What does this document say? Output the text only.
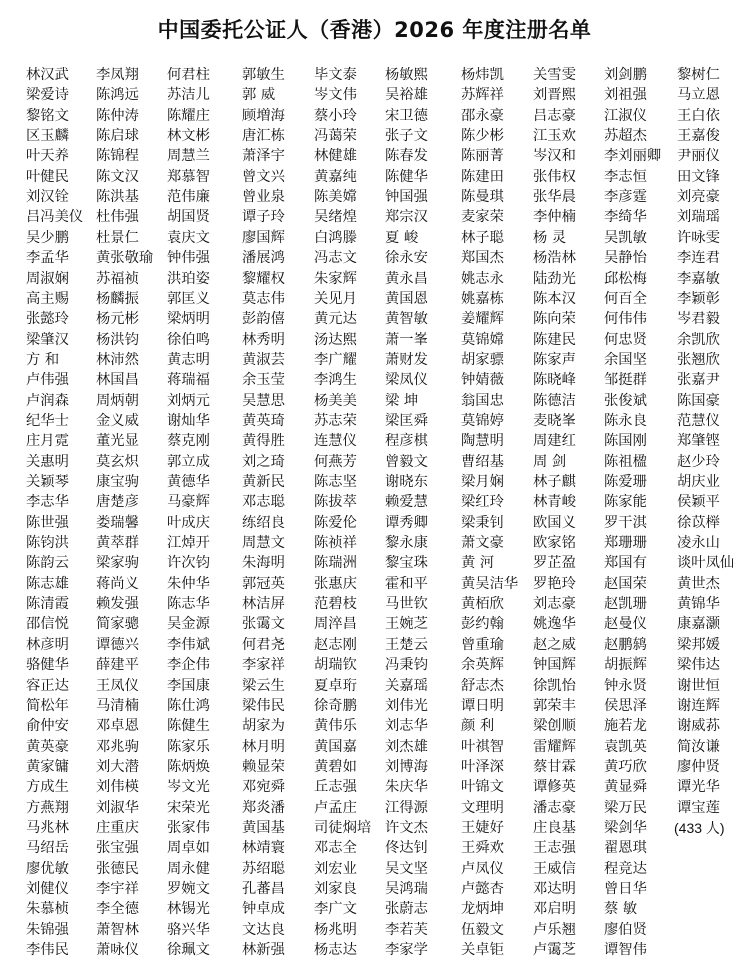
中国委托公证人（香港）2026 年度注册名单
林汉武
梁爱诗
黎铭文
区玉麟
叶天养
叶健民
刘汉铨
吕冯美仪
吴少鹏
李孟华
周淑娴
高主赐
张懿玲
梁肇汉
方 和
卢伟强
卢润森
纪华士
庄月霓
关惠明
关颖琴
李志华
陈世强
陈钧洪
陈韵云
陈志雄
陈清霞
邵信悦
林彦明
骆健华
容正达
简松年
俞仲安
黄英豪
黄家镛
方成生
方燕翔
马兆林
马绍岳
廖优敏
刘健仪
朱慕桢
朱锦强
李伟民
李凤翔
陈鸿远
陈仲涛
陈启球
陈锦程
陈文汉
陈洪基
杜伟强
杜景仁
黄张敬瑜
苏福祯
杨麟振
杨元彬
杨洪钧
林沛然
林国昌
周炳朝
金义威
董光显
莫玄炽
康宝驹
唐楚彦
娄瑞馨
黄萃群
梁家驹
蒋尚义
赖发强
简家骢
谭德兴
薛建平
王凤仪
马清楠
邓卓恩
邓兆驹
刘大潜
刘伟楧
刘淑华
庄重庆
张宝强
张德民
李宇祥
李全德
萧智林
萧咏仪
何君柱
苏洁儿
陈耀庄
林文彬
周慧兰
郑慕智
范伟廉
胡国贤
袁庆文
钟伟强
洪珀姿
郭匡义
梁炳明
徐伯鸣
黄志明
蒋瑞福
刘炳元
谢灿华
蔡克刚
郭立成
黄德华
马豪辉
叶成庆
江焯开
许次钧
朱仲华
陈志华
吴金源
李伟斌
李企伟
李国康
陈仕鸿
陈健生
陈家乐
陈炳焕
岑文光
宋荣光
张家伟
周卓如
周永健
罗婉文
林锡光
骆兴华
徐珮文
郭敏生
郭 威
顾増海
唐汇栋
萧泽宇
曾文兴
曾业泉
谭子玲
廖国辉
潘展鸿
黎耀权
莫志伟
彭韵僖
林秀明
黄淑芸
余玉莹
吴慧思
黄英琦
黄得胜
刘之琦
黄新民
邓志聪
练绍良
周慧文
朱海明
郭冠英
林洁屏
张霭文
何君尧
李家祥
梁云生
梁伟民
胡家为
林月明
赖显荣
邓宛舜
郑炎潘
黄国基
林靖寰
苏绍聪
孔蕃昌
钟卓成
文达良
林新强
毕文泰
岑文伟
蔡小玲
冯蔼荣
林健雄
黄嘉纯
陈美嫦
吴绪煌
白鸿滕
冯志文
朱家辉
关见月
黄元达
汤达熙
李广耀
李鸿生
杨美美
苏志荣
连慧仪
何燕芳
陈志坚
陈拔萃
陈爱伦
陈祯祥
陈瑞洲
张惠庆
范碧枝
周淬昌
赵志刚
胡瑞钦
夏卓珩
徐奇鹏
黄伟乐
黄国嘉
黄碧如
丘志强
卢孟庄
司徒焖培
邓志全
刘宏业
刘家良
李广文
杨兆明
杨志达
杨敏熙
吴裕雄
宋卫德
张子文
陈春发
陈健华
钟国强
郑宗汉
夏 峻
徐永安
黄永昌
黄国恩
黄智敏
萧一峯
萧财发
梁凤仪
梁 坤
梁匡舜
程彦棋
曾毅文
谢晓东
赖爱慧
谭秀卿
黎永康
黎宝珠
霍和平
马世钦
王婉芝
王楚云
冯秉钧
关嘉瑶
刘伟光
刘志华
刘杰雄
刘博海
朱庆华
江得源
许文杰
佟达钊
吴文坚
吴鸿瑞
张蔚志
李若芙
李家学
杨炜凯
苏辉祥
邵永豪
陈少彬
陈丽菁
陈建田
陈曼琪
麦家荣
林子聪
郑国杰
姚志永
姚嘉栋
姜耀辉
莫锦嫦
胡家骠
钟婧薇
翁国忠
莫锦婷
陶慧明
曹绍基
梁月娴
梁红玲
梁秉钊
萧文豪
黄 河
黄吴洁华
黄栢欣
彭约翰
曾重瑜
余英辉
舒志杰
谭日明
颜 利
叶祺智
叶泽深
叶锦文
文理明
王婕好
王舜欢
卢凤仪
卢懿杏
龙炳坤
伍毅文
关卓钜
关雪雯
刘晋熙
吕志豪
江玉欢
岑汉和
张伟权
张华晨
李仲楠
杨 灵
杨浩林
陆劲光
陈本汉
陈向荣
陈建民
陈家声
陈晓峰
陈德洁
麦晓峯
周建红
周 剑
林子麒
林青峻
欧国义
欧家铭
罗芷盈
罗艳玲
刘志豪
姚逸华
赵之威
钟国辉
徐凯怡
郭荣丰
梁创顺
雷耀辉
蔡甘霖
谭修英
潘志豪
庄良基
王志强
王威信
邓达明
邓启明
卢乐翘
卢霭芝
刘剑鹏
刘祖强
江淑仪
苏超杰
李刘丽卿
李志恒
李彦霆
李绮华
吴凯敏
吴静怡
邱松梅
何百全
何伟伟
何忠贤
余国坚
邹挺群
张俊斌
陈永良
陈国刚
陈祖楹
陈爱珊
陈家能
罗干淇
郑珊珊
郑国有
赵国荣
赵凯珊
赵曼仪
赵鹏鸫
胡振辉
钟永贤
侯思泽
施若龙
袁凯英
黄巧欣
黄显舜
梁万民
梁剑华
翟恩琪
程竞达
曾日华
蔡 敏
廖伯贤
谭智伟
黎树仁
马立恩
王白依
王嘉俊
尹丽仪
田文锋
刘亮豪
刘瑞瑶
许咏雯
李连君
李嘉敏
李颖彰
岑君毅
余凯欣
张翘欣
张嘉尹
陈国豪
范慧仪
郑肇铿
赵少玲
胡庆业
侯颖平
徐苡榉
凌永山
谈叶凤仙
黄世杰
黄锦华
康嘉灏
梁邦媛
梁伟达
谢世恒
谢连辉
谢威荪
简汝谦
廖仲贤
谭光华
谭宝莲
(433 人)
